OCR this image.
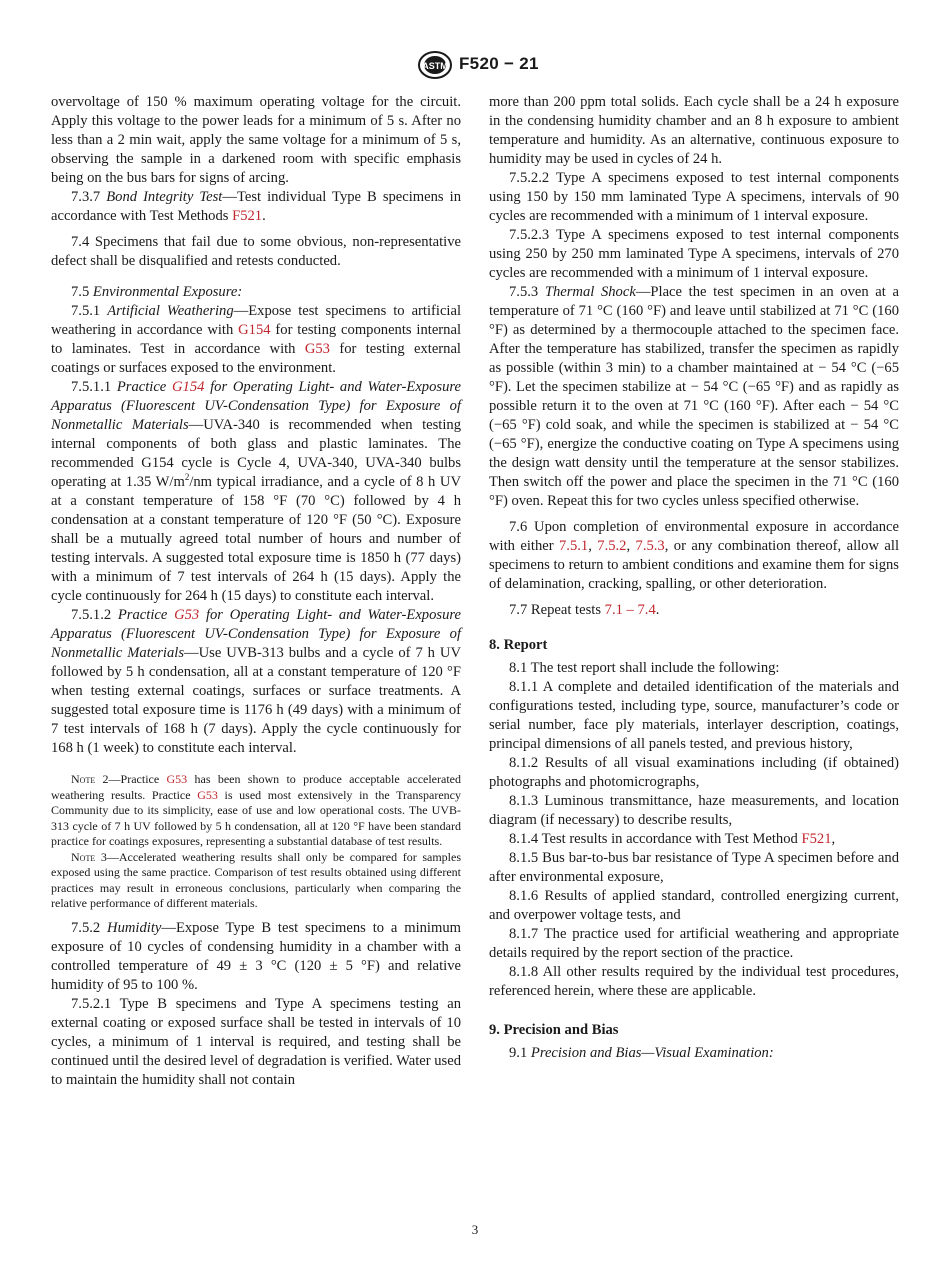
ASTM F520 − 21

overvoltage of 150 % maximum operating voltage for the circuit. Apply this voltage to the power leads for a minimum of 5 s. After no less than a 2 min wait, apply the same voltage for a minimum of 5 s, observing the sample in a darkened room with specific emphasis being on the bus bars for signs of arcing.

7.3.7 Bond Integrity Test—Test individual Type B specimens in accordance with Test Methods F521.

7.4 Specimens that fail due to some obvious, non-representative defect shall be disqualified and retests conducted.

7.5 Environmental Exposure:

7.5.1 Artificial Weathering—Expose test specimens to artificial weathering in accordance with G154 for testing components internal to laminates. Test in accordance with G53 for testing external coatings or surfaces exposed to the environment.

7.5.1.1 Practice G154 for Operating Light- and Water-Exposure Apparatus (Fluorescent UV-Condensation Type) for Exposure of Nonmetallic Materials—UVA-340 is recommended when testing internal components of both glass and plastic laminates. The recommended G154 cycle is Cycle 4, UVA-340, UVA-340 bulbs operating at 1.35 $W/m^2/nm$ typical irradiance, and a cycle of 8 h UV at a constant temperature of 158 °F (70 °C) followed by 4 h condensation at a constant temperature of 120 °F (50 °C). Exposure shall be a mutually agreed total number of hours and number of testing intervals. A suggested total exposure time is 1850 h (77 days) with a minimum of 7 test intervals of 264 h (15 days). Apply the cycle continuously for 264 h (15 days) to constitute each interval.

7.5.1.2 Practice G53 for Operating Light- and Water-Exposure Apparatus (Fluorescent UV-Condensation Type) for Exposure of Nonmetallic Materials—Use UVB-313 bulbs and a cycle of 7 h UV followed by 5 h condensation, all at a constant temperature of 120 °F when testing external coatings, surfaces or surface treatments. A suggested total exposure time is 1176 h (49 days) with a minimum of 7 test intervals of 168 h (7 days). Apply the cycle continuously for 168 h (1 week) to constitute each interval.

Note 2—Practice G53 has been shown to produce acceptable accelerated weathering results. Practice G53 is used most extensively in the Transparency Community due to its simplicity, ease of use and low operational costs. The UVB-313 cycle of 7 h UV followed by 5 h condensation, all at 120 °F have been standard practice for coatings exposures, representing a substantial database of test results.

Note 3—Accelerated weathering results shall only be compared for samples exposed using the same practice. Comparison of test results obtained using different practices may result in erroneous conclusions, particularly when comparing the relative performance of different materials.

7.5.2 Humidity—Expose Type B test specimens to a minimum exposure of 10 cycles of condensing humidity in a chamber with a controlled temperature of 49 ± 3 °C (120 ± 5 °F) and relative humidity of 95 to 100 %.

7.5.2.1 Type B specimens and Type A specimens testing an external coating or exposed surface shall be tested in intervals of 10 cycles, a minimum of 1 interval is required, and testing shall be continued until the desired level of degradation is verified. Water used to maintain the humidity shall not contain

more than 200 ppm total solids. Each cycle shall be a 24 h exposure in the condensing humidity chamber and an 8 h exposure to ambient temperature and humidity. As an alternative, continuous exposure to humidity may be used in cycles of 24 h.

7.5.2.2 Type A specimens exposed to test internal components using 150 by 150 mm laminated Type A specimens, intervals of 90 cycles are recommended with a minimum of 1 interval exposure.

7.5.2.3 Type A specimens exposed to test internal components using 250 by 250 mm laminated Type A specimens, intervals of 270 cycles are recommended with a minimum of 1 interval exposure.

7.5.3 Thermal Shock—Place the test specimen in an oven at a temperature of 71 °C (160 °F) and leave until stabilized at 71 °C (160 °F) as determined by a thermocouple attached to the specimen face. After the temperature has stabilized, transfer the specimen as rapidly as possible (within 3 min) to a chamber maintained at − 54 °C (−65 °F). Let the specimen stabilize at − 54 °C (−65 °F) and as rapidly as possible return it to the oven at 71 °C (160 °F). After each − 54 °C (−65 °F) cold soak, and while the specimen is stabilized at − 54 °C (−65 °F), energize the conductive coating on Type A specimens using the design watt density until the temperature at the sensor stabilizes. Then switch off the power and place the specimen in the 71 °C (160 °F) oven. Repeat this for two cycles unless specified otherwise.

7.6 Upon completion of environmental exposure in accordance with either 7.5.1, 7.5.2, 7.5.3, or any combination thereof, allow all specimens to return to ambient conditions and examine them for signs of delamination, cracking, spalling, or other deterioration.

7.7 Repeat tests 7.1 – 7.4.

8. Report

8.1 The test report shall include the following:

8.1.1 A complete and detailed identification of the materials and configurations tested, including type, source, manufacturer’s code or serial number, face ply materials, interlayer description, coatings, principal dimensions of all panels tested, and previous history,

8.1.2 Results of all visual examinations including (if obtained) photographs and photomicrographs,

8.1.3 Luminous transmittance, haze measurements, and location diagram (if necessary) to describe results,

8.1.4 Test results in accordance with Test Method F521,

8.1.5 Bus bar-to-bus bar resistance of Type A specimen before and after environmental exposure,

8.1.6 Results of applied standard, controlled energizing current, and overpower voltage tests, and

8.1.7 The practice used for artificial weathering and appropriate details required by the report section of the practice.

8.1.8 All other results required by the individual test procedures, referenced herein, where these are applicable.

9. Precision and Bias

9.1 Precision and Bias—Visual Examination:

3
